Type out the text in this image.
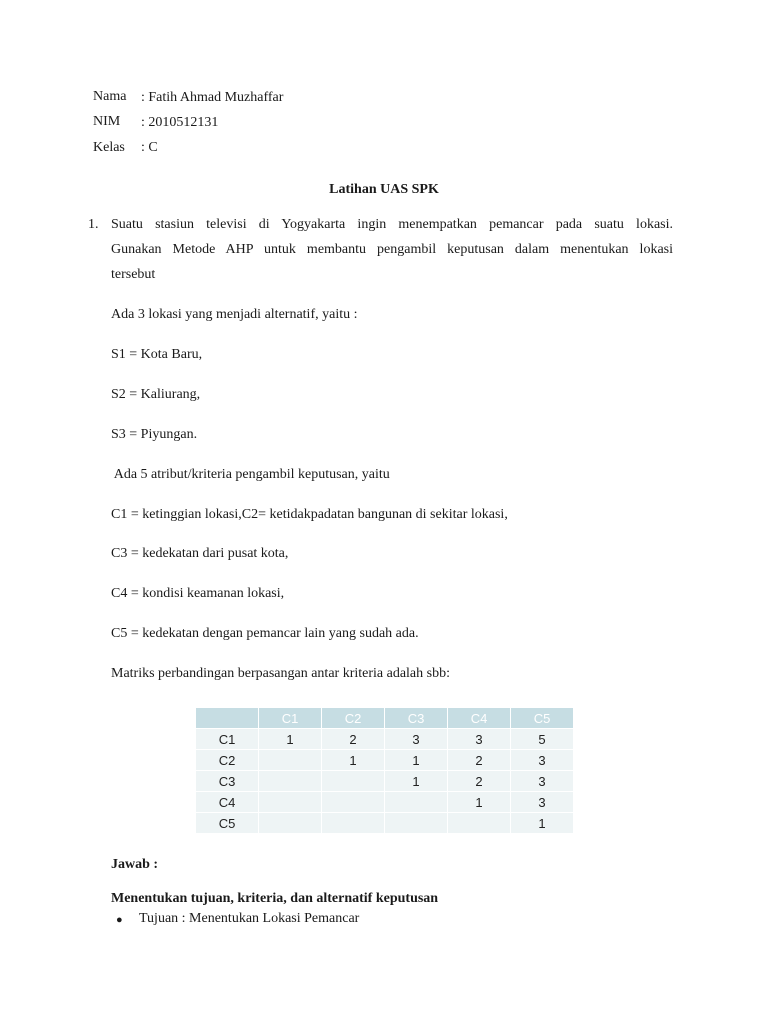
Nama : Fatih Ahmad Muzhaffar
NIM : 2010512131
Kelas : C
Latihan UAS SPK
1. Suatu stasiun televisi di Yogyakarta ingin menempatkan pemancar pada suatu lokasi.
Gunakan Metode AHP untuk membantu pengambil keputusan dalam menentukan lokasi
tersebut
Ada 3 lokasi yang menjadi alternatif, yaitu :
S1 = Kota Baru,
S2 = Kaliurang,
S3 = Piyungan.
Ada 5 atribut/kriteria pengambil keputusan, yaitu
C1 = ketinggian lokasi,C2= ketidakpadatan bangunan di sekitar lokasi,
C3 = kedekatan dari pusat kota,
C4 = kondisi keamanan lokasi,
C5 = kedekatan dengan pemancar lain yang sudah ada.
Matriks perbandingan berpasangan antar kriteria adalah sbb:
	C1	C2	C3	C4	C5
C1	1	2	3	3	5
C2		1	1	2	3
C3			1	2	3
C4				1	3
C5					1
Jawab :
Menentukan tujuan, kriteria, dan alternatif keputusan
● Tujuan : Menentukan Lokasi Pemancar
